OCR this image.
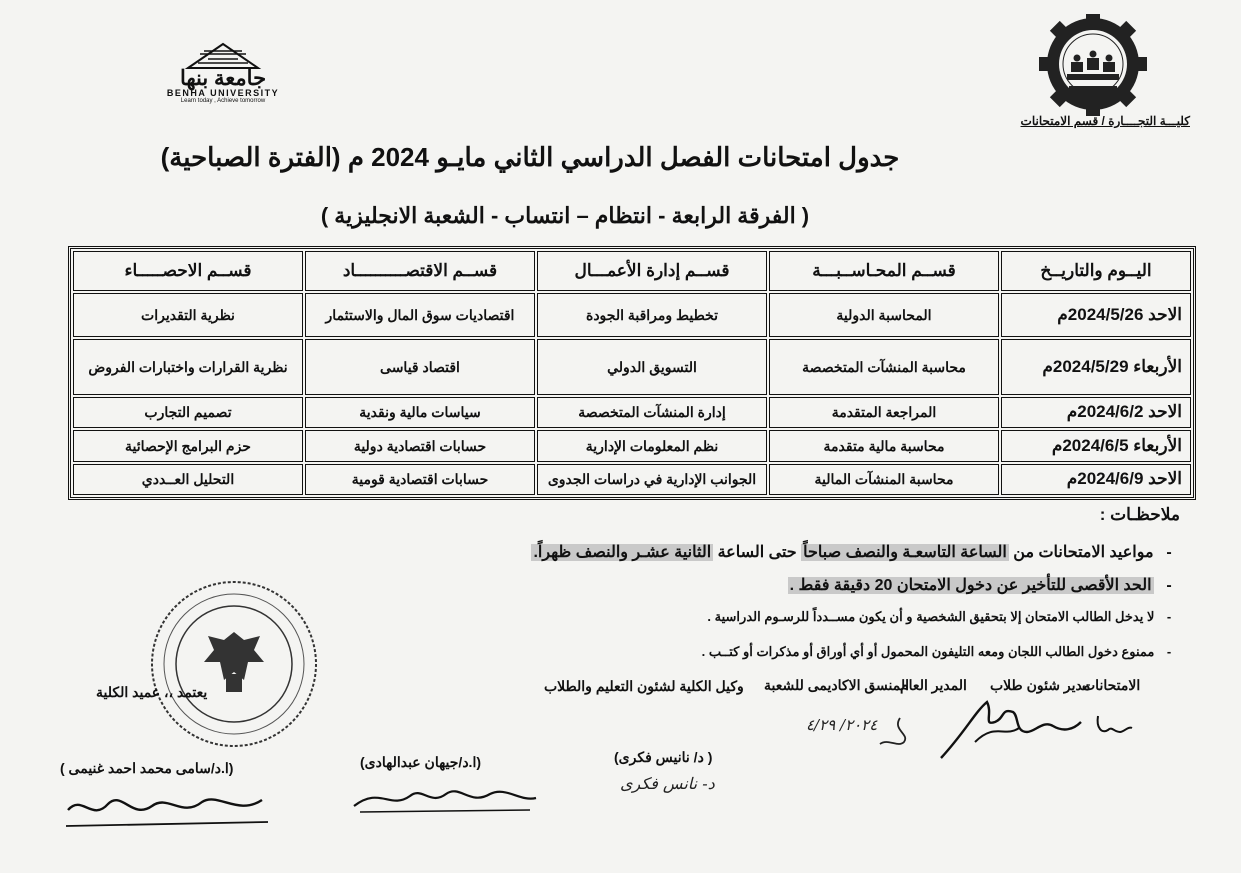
جامعة بنها
BENHA UNIVERSITY
Learn today , Achieve tomorrow
كليـــة التجــــارة / قسم الامتحانات
جدول امتحانات الفصل الدراسي الثاني مايـو 2024 م (الفترة الصباحية)
( الفرقة الرابعة - انتظام – انتساب - الشعبة الانجليزية )
اليــوم والتاريــخ	قســم المحـاســبـــة	قســم إدارة الأعمـــال	قســم الاقتصــــــــــاد	قســم الاحصـــــاء
الاحد 2024/5/26م	المحاسبة الدولية	تخطيط ومراقبة الجودة	اقتصاديات سوق المال والاستثمار	نظرية التقديرات
الأربعاء 2024/5/29م	محاسبة المنشآت المتخصصة	التسويق الدولي	اقتصاد قياسى	نظرية القرارات واختبارات الفروض
الاحد 2024/6/2م	المراجعة المتقدمة	إدارة المنشآت المتخصصة	سياسات مالية ونقدية	تصميم التجارب
الأربعاء 2024/6/5م	محاسبة مالية متقدمة	نظم المعلومات الإدارية	حسابات اقتصادية دولية	حزم البرامج الإحصائية
الاحد 2024/6/9م	محاسبة المنشآت المالية	الجوانب الإدارية في دراسات الجدوى	حسابات اقتصادية قومية	التحليل العــددي
ملاحظـات :
- مواعيد الامتحانات من الساعة التاسعـة والنصف صباحاً حتى الساعة الثانية عشـر والنصف ظهراً.
- الحد الأقصى للتأخير عن دخول الامتحان 20 دقيقة فقط .
- لا يدخل الطالب الامتحان إلا بتحقيق الشخصية و أن يكون مســدداً للرسـوم الدراسية .
- ممنوع دخول الطالب اللجان ومعه التليفون المحمول أو أي أوراق أو مذكرات أو كتــب .
الامتحانات
مدير شئون طلاب
المدير العام
المنسق الاكاديمى للشعبة
وكيل الكلية لشئون التعليم والطلاب
يعتمد ،، عميد الكلية
٢٠٢٤/ ٤/٢٩
( د/ نانيس فكرى)
(ا.د/جيهان عبدالهادى)
(ا.د/سامى محمد احمد غنيمى )
د- نانس فكرى
